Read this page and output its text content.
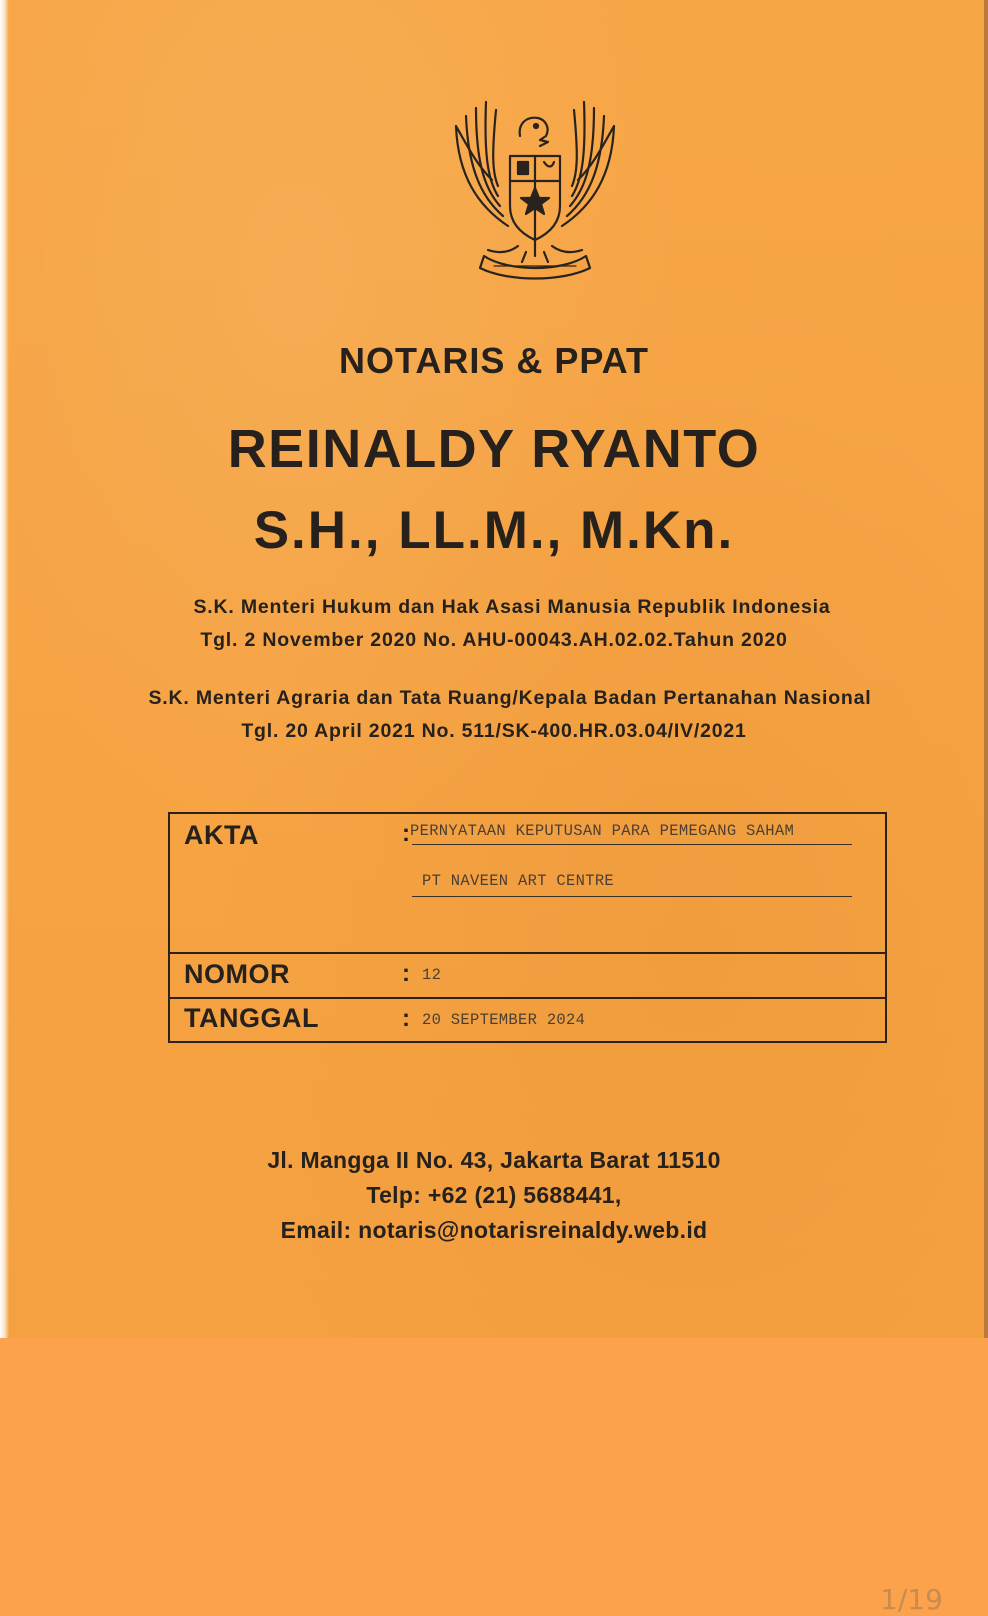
NOTARIS & PPAT
REINALDY RYANTO
S.H., LL.M., M.Kn.
S.K. Menteri Hukum dan Hak Asasi Manusia Republik Indonesia
Tgl. 2 November 2020 No. AHU-00043.AH.02.02.Tahun 2020
S.K. Menteri Agraria dan Tata Ruang/Kepala Badan Pertanahan Nasional
Tgl. 20 April 2021 No. 511/SK-400.HR.03.04/IV/2021
AKTA	: PERNYATAAN KEPUTUSAN PARA PEMEGANG SAHAM
PT NAVEEN ART CENTRE
NOMOR	: 12
TANGGAL	: 20 SEPTEMBER 2024
Jl. Mangga II No. 43, Jakarta Barat 11510
Telp: +62 (21) 5688441,
Email: notaris@notarisreinaldy.web.id
1/19
